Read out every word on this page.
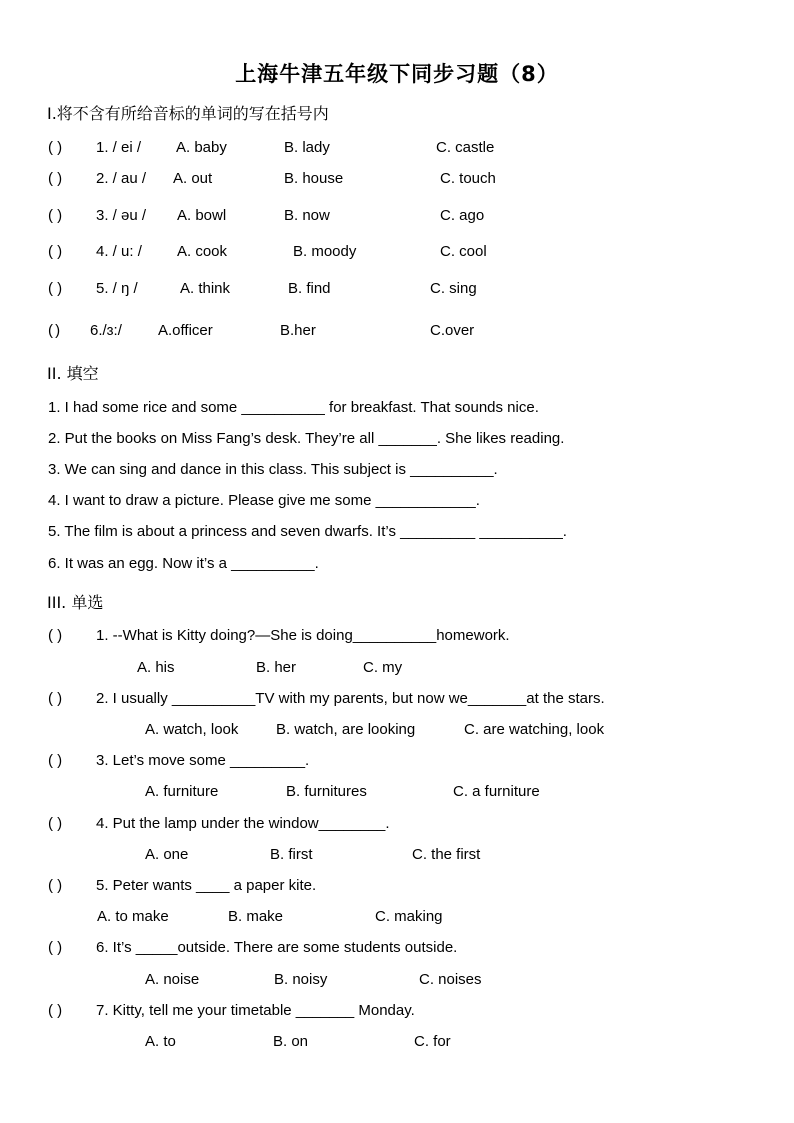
上海牛津五年级下同步习题（8）
I.将不含有所给音标的单词的写在括号内
( ) 1. / ei / A. baby	B. lady	C. castle
( ) 2. / au / A. out	B. house	C. touch
( ) 3. / əu / A. bowl	B. now	C. ago
( ) 4. / u: / A. cook	B. moody	C. cool
( ) 5. / ŋ /	A. think	B. find	C. sing
( ) 6./ɜ:/ A.officer	B.her	C.over
II. 填空
1. I had some rice and some __________ for breakfast. That sounds nice.
2. Put the books on Miss Fang’s desk. They’re all _______. She likes reading.
3. We can sing and dance in this class. This subject is __________.
4. I want to draw a picture. Please give me some ____________.
5. The film is about a princess and seven dwarfs. It’s _________ __________.
6. It was an egg. Now it’s a __________.
III. 单选
( ) 1. --What is Kitty doing?—She is doing__________homework.
A. his	B. her	C. my
( ) 2. I usually __________TV with my parents, but now we_______at the stars.
A. watch, look	B. watch, are looking	C. are watching, look
( ) 3. Let’s move some _________.
A. furniture	B. furnitures	C. a furniture
( ) 4. Put the lamp under the window________.
A. one	B. first	C. the first
( ) 5. Peter wants ____ a paper kite.
A. to make	B. make	C. making
( ) 6. It’s _____outside. There are some students outside.
A. noise	B. noisy	C. noises
( ) 7. Kitty, tell me your timetable _______ Monday.
A. to	B. on	C. for
